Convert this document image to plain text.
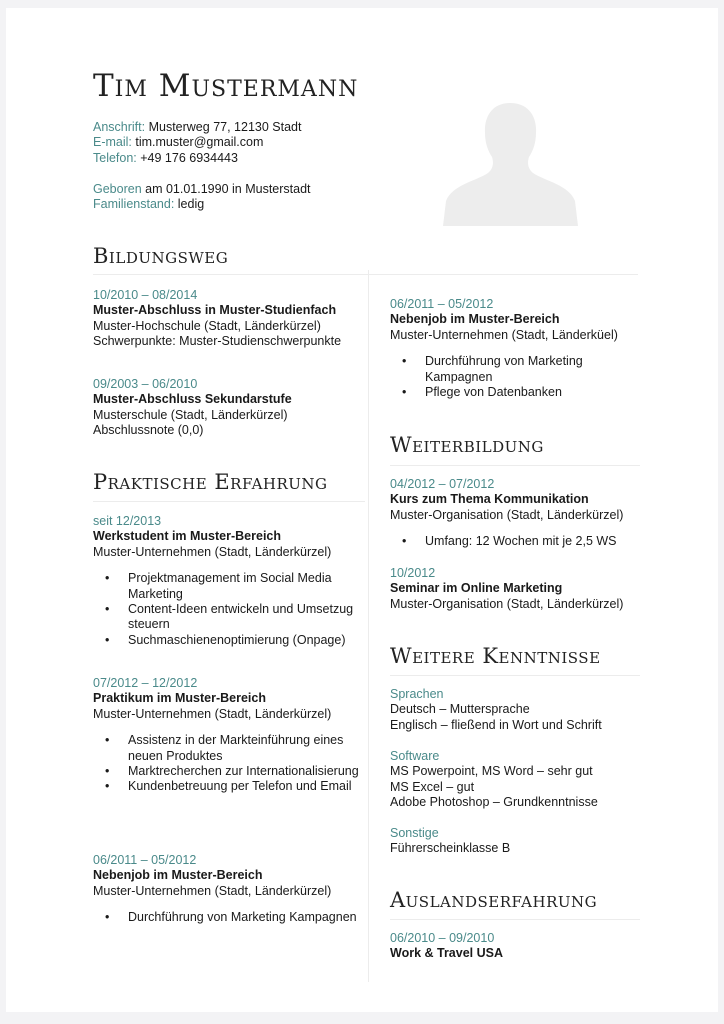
Tim Mustermann
Anschrift: Musterweg 77, 12130 Stadt
E-mail: tim.muster@gmail.com
Telefon: +49 176 6934443
Geboren am 01.01.1990 in Musterstadt
Familienstand: ledig
Bildungsweg
10/2010 – 08/2014
Muster-Abschluss in Muster-Studienfach
Muster-Hochschule (Stadt, Länderkürzel)
Schwerpunkte: Muster-Studienschwerpunkte
09/2003 – 06/2010
Muster-Abschluss Sekundarstufe
Musterschule (Stadt, Länderkürzel)
Abschlussnote (0,0)
Praktische Erfahrung
seit 12/2013
Werkstudent im Muster-Bereich
Muster-Unternehmen (Stadt, Länderkürzel)
• Projektmanagement im Social Media Marketing
• Content-Ideen entwickeln und Umsetzug steuern
• Suchmaschienenoptimierung (Onpage)
07/2012 – 12/2012
Praktikum im Muster-Bereich
Muster-Unternehmen (Stadt, Länderkürzel)
• Assistenz in der Markteinführung eines neuen Produktes
• Marktrecherchen zur Internationalisierung
• Kundenbetreuung per Telefon und Email
06/2011 – 05/2012
Nebenjob im Muster-Bereich
Muster-Unternehmen (Stadt, Länderkürzel)
• Durchführung von Marketing Kampagnen
06/2011 – 05/2012
Nebenjob im Muster-Bereich
Muster-Unternehmen (Stadt, Länderküel)
• Durchführung von Marketing Kampagnen
• Pflege von Datenbanken
Weiterbildung
04/2012 – 07/2012
Kurs zum Thema Kommunikation
Muster-Organisation (Stadt, Länderkürzel)
• Umfang: 12 Wochen mit je 2,5 WS
10/2012
Seminar im Online Marketing
Muster-Organisation (Stadt, Länderkürzel)
Weitere Kenntnisse
Sprachen
Deutsch – Muttersprache
Englisch – fließend in Wort und Schrift
Software
MS Powerpoint, MS Word – sehr gut
MS Excel – gut
Adobe Photoshop – Grundkenntnisse
Sonstige
Führerscheinklasse B
Auslandserfahrung
06/2010 – 09/2010
Work & Travel USA
